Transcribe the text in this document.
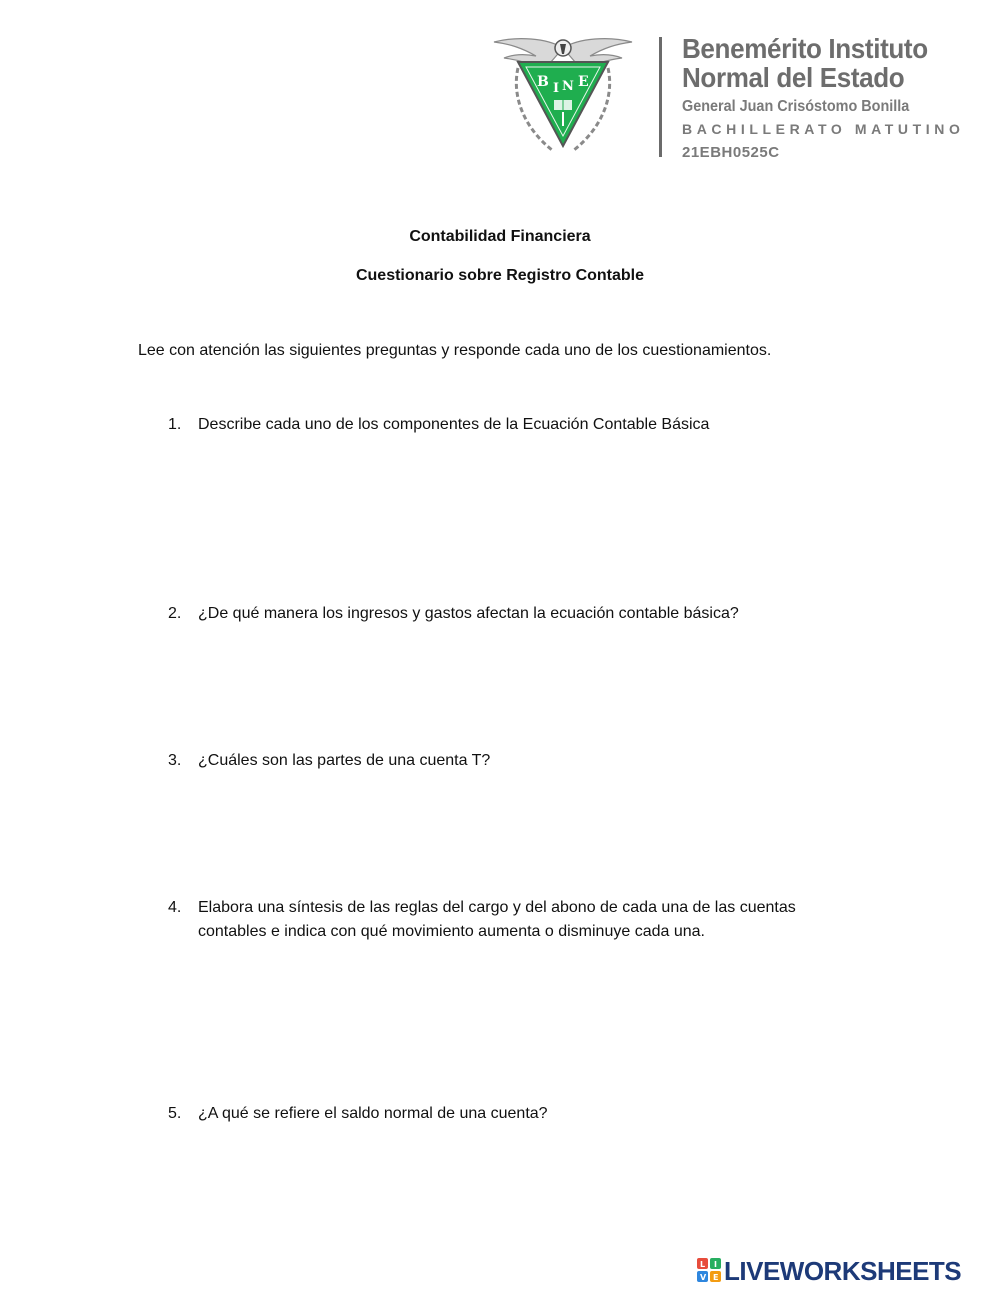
B I N E
Benemérito Instituto Normal del Estado
General Juan Crisóstomo Bonilla
BACHILLERATO MATUTINO
21EBH0525C
Contabilidad Financiera
Cuestionario sobre Registro Contable
Lee con atención las siguientes preguntas y responde cada uno de los cuestionamientos.
1.	Describe cada uno de los componentes de la Ecuación Contable Básica
2.	¿De qué manera los ingresos y gastos afectan la ecuación contable básica?
3.	¿Cuáles son las partes de una cuenta T?
4.	Elabora una síntesis de las reglas del cargo y del abono de cada una de las cuentas contables e indica con qué movimiento aumenta o disminuye cada una.
5.	¿A qué se refiere el saldo normal de una cuenta?
L I
V E LIVEWORKSHEETS
